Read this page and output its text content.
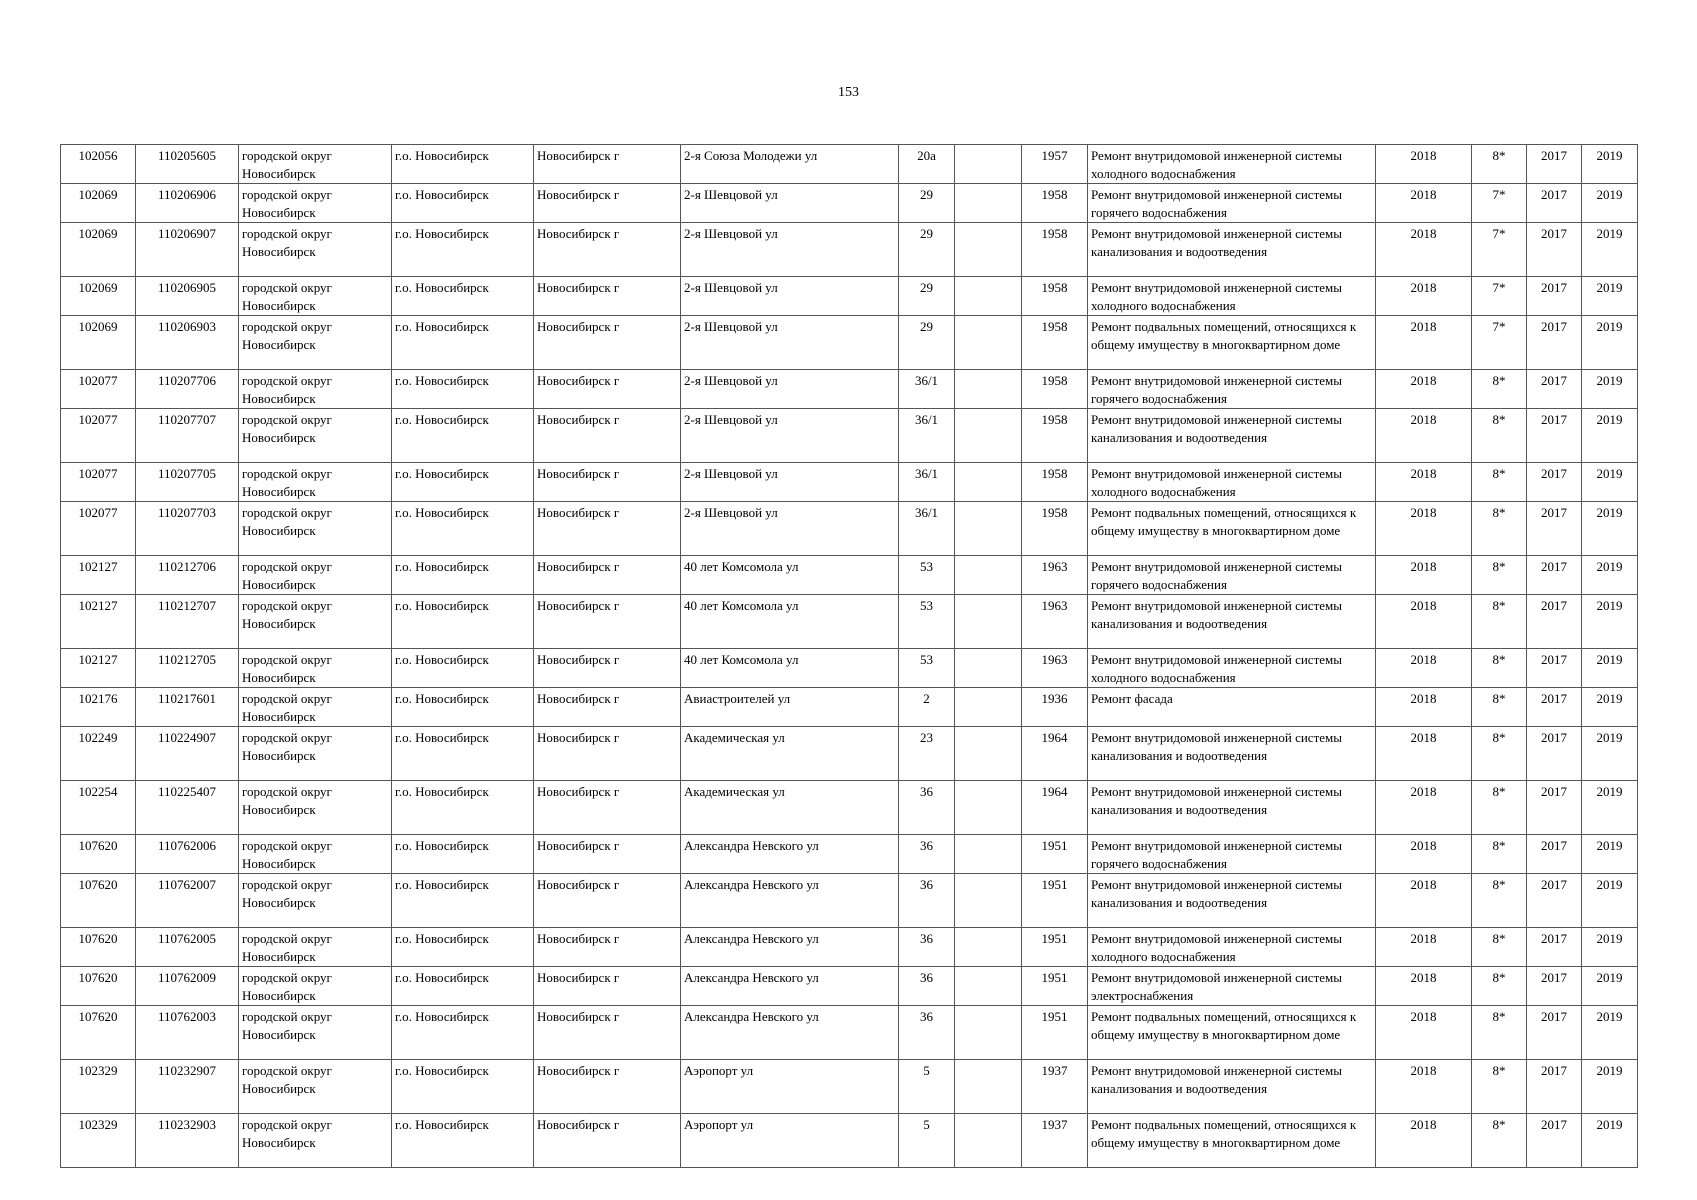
153
102056	110205605	городской округ Новосибирск	г.о. Новосибирск	Новосибирск г	2-я Союза Молодежи ул	20а		1957	Ремонт внутридомовой инженерной системы холодного водоснабжения	2018	8*	2017	2019
102069	110206906	городской округ Новосибирск	г.о. Новосибирск	Новосибирск г	2-я Шевцовой ул	29		1958	Ремонт внутридомовой инженерной системы горячего водоснабжения	2018	7*	2017	2019
102069	110206907	городской округ Новосибирск	г.о. Новосибирск	Новосибирск г	2-я Шевцовой ул	29		1958	Ремонт внутридомовой инженерной системы канализования и водоотведения	2018	7*	2017	2019
102069	110206905	городской округ Новосибирск	г.о. Новосибирск	Новосибирск г	2-я Шевцовой ул	29		1958	Ремонт внутридомовой инженерной системы холодного водоснабжения	2018	7*	2017	2019
102069	110206903	городской округ Новосибирск	г.о. Новосибирск	Новосибирск г	2-я Шевцовой ул	29		1958	Ремонт подвальных помещений, относящихся к общему имуществу в многоквартирном доме	2018	7*	2017	2019
102077	110207706	городской округ Новосибирск	г.о. Новосибирск	Новосибирск г	2-я Шевцовой ул	36/1		1958	Ремонт внутридомовой инженерной системы горячего водоснабжения	2018	8*	2017	2019
102077	110207707	городской округ Новосибирск	г.о. Новосибирск	Новосибирск г	2-я Шевцовой ул	36/1		1958	Ремонт внутридомовой инженерной системы канализования и водоотведения	2018	8*	2017	2019
102077	110207705	городской округ Новосибирск	г.о. Новосибирск	Новосибирск г	2-я Шевцовой ул	36/1		1958	Ремонт внутридомовой инженерной системы холодного водоснабжения	2018	8*	2017	2019
102077	110207703	городской округ Новосибирск	г.о. Новосибирск	Новосибирск г	2-я Шевцовой ул	36/1		1958	Ремонт подвальных помещений, относящихся к общему имуществу в многоквартирном доме	2018	8*	2017	2019
102127	110212706	городской округ Новосибирск	г.о. Новосибирск	Новосибирск г	40 лет Комсомола ул	53		1963	Ремонт внутридомовой инженерной системы горячего водоснабжения	2018	8*	2017	2019
102127	110212707	городской округ Новосибирск	г.о. Новосибирск	Новосибирск г	40 лет Комсомола ул	53		1963	Ремонт внутридомовой инженерной системы канализования и водоотведения	2018	8*	2017	2019
102127	110212705	городской округ Новосибирск	г.о. Новосибирск	Новосибирск г	40 лет Комсомола ул	53		1963	Ремонт внутридомовой инженерной системы холодного водоснабжения	2018	8*	2017	2019
102176	110217601	городской округ Новосибирск	г.о. Новосибирск	Новосибирск г	Авиастроителей ул	2		1936	Ремонт фасада	2018	8*	2017	2019
102249	110224907	городской округ Новосибирск	г.о. Новосибирск	Новосибирск г	Академическая ул	23		1964	Ремонт внутридомовой инженерной системы канализования и водоотведения	2018	8*	2017	2019
102254	110225407	городской округ Новосибирск	г.о. Новосибирск	Новосибирск г	Академическая ул	36		1964	Ремонт внутридомовой инженерной системы канализования и водоотведения	2018	8*	2017	2019
107620	110762006	городской округ Новосибирск	г.о. Новосибирск	Новосибирск г	Александра Невского ул	36		1951	Ремонт внутридомовой инженерной системы горячего водоснабжения	2018	8*	2017	2019
107620	110762007	городской округ Новосибирск	г.о. Новосибирск	Новосибирск г	Александра Невского ул	36		1951	Ремонт внутридомовой инженерной системы канализования и водоотведения	2018	8*	2017	2019
107620	110762005	городской округ Новосибирск	г.о. Новосибирск	Новосибирск г	Александра Невского ул	36		1951	Ремонт внутридомовой инженерной системы холодного водоснабжения	2018	8*	2017	2019
107620	110762009	городской округ Новосибирск	г.о. Новосибирск	Новосибирск г	Александра Невского ул	36		1951	Ремонт внутридомовой инженерной системы электроснабжения	2018	8*	2017	2019
107620	110762003	городской округ Новосибирск	г.о. Новосибирск	Новосибирск г	Александра Невского ул	36		1951	Ремонт подвальных помещений, относящихся к общему имуществу в многоквартирном доме	2018	8*	2017	2019
102329	110232907	городской округ Новосибирск	г.о. Новосибирск	Новосибирск г	Аэропорт ул	5		1937	Ремонт внутридомовой инженерной системы канализования и водоотведения	2018	8*	2017	2019
102329	110232903	городской округ Новосибирск	г.о. Новосибирск	Новосибирск г	Аэропорт ул	5		1937	Ремонт подвальных помещений, относящихся к общему имуществу в многоквартирном доме	2018	8*	2017	2019
